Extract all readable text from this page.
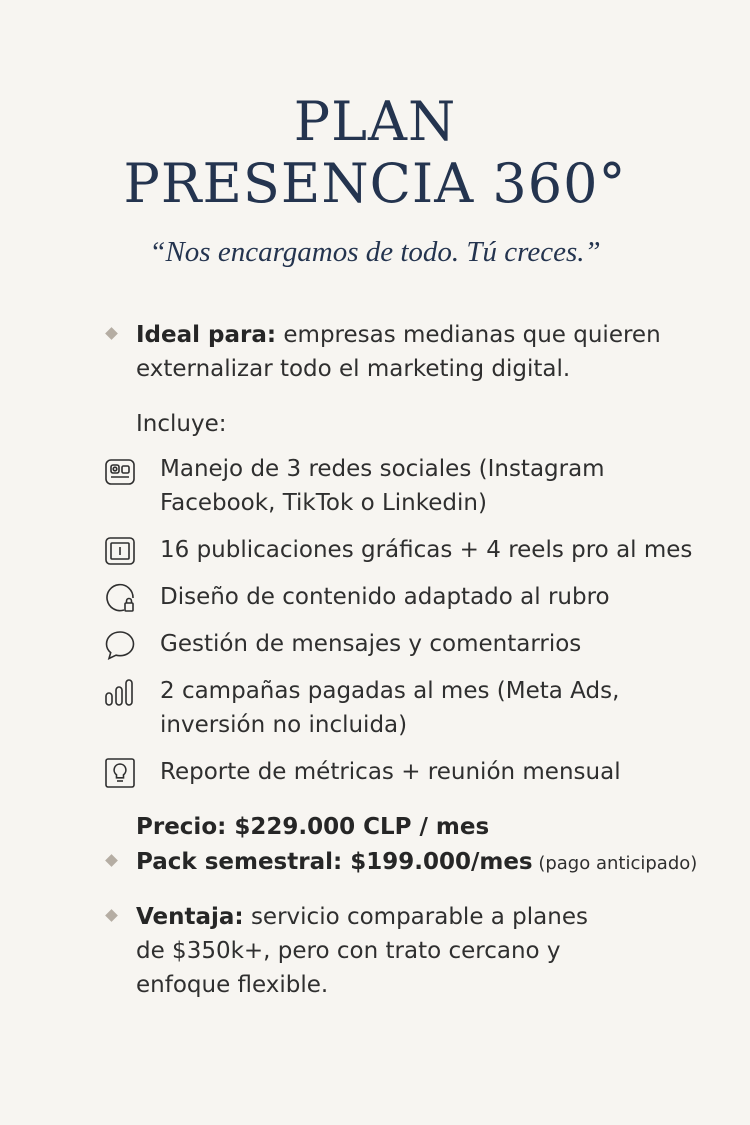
PLAN
PRESENCIA 360°
“Nos encargamos de todo. Tú creces.”
Ideal para: empresas medianas que quieren
externalizar todo el marketing digital.
Incluye:
Manejo de 3 redes sociales (Instagram
Facebook, TikTok o Linkedin)
16 publicaciones gráficas + 4 reels pro al mes
Diseño de contenido adaptado al rubro
Gestión de mensajes y comentarrios
2 campañas pagadas al mes (Meta Ads,
inversión no incluida)
Reporte de métricas + reunión mensual
Precio: $229.000 CLP / mes
Pack semestral: $199.000/mes (pago anticipado)
Ventaja: servicio comparable a planes
de $350k+, pero con trato cercano y
enfoque flexible.
